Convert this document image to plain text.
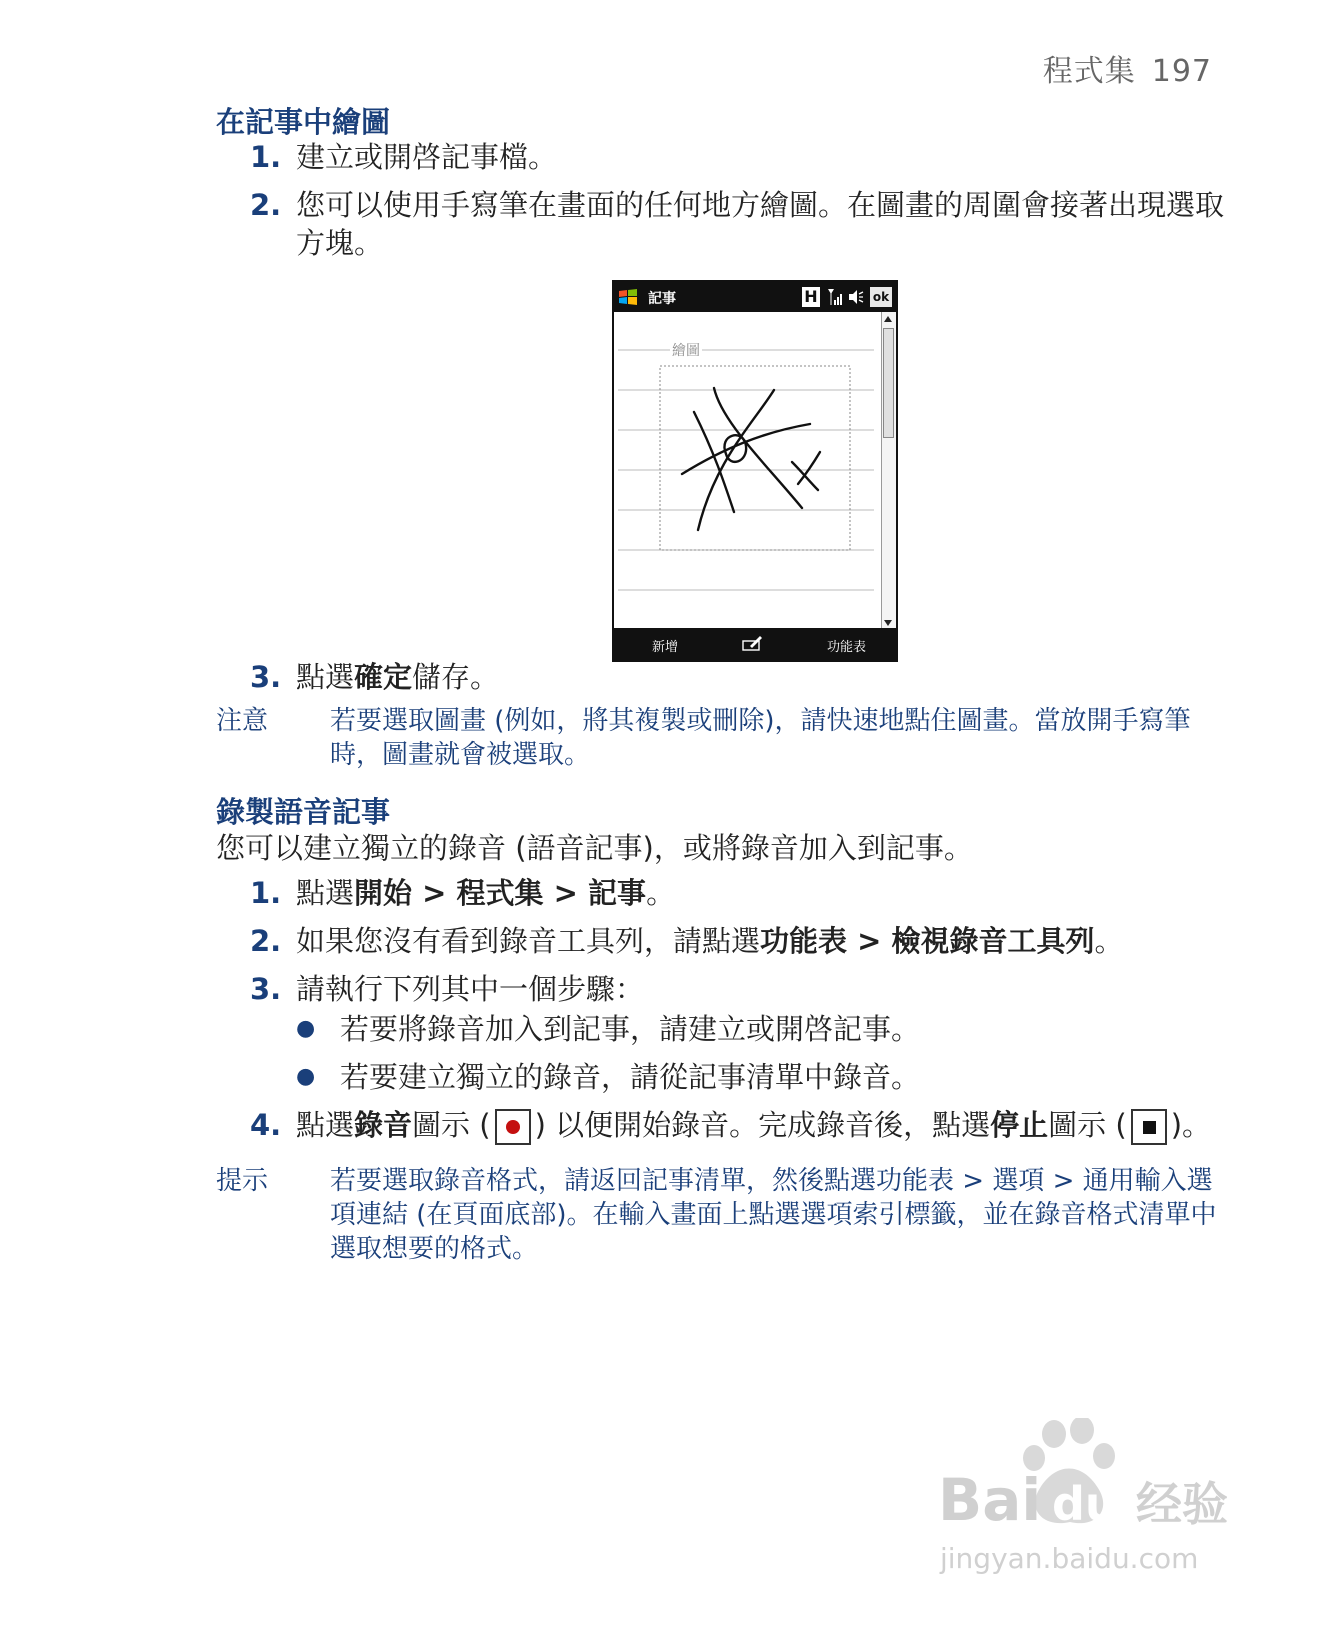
程式集 197
在記事中繪圖
1. 建立或開啓記事檔。
2. 您可以使用手寫筆在畫面的任何地方繪圖。在圖畫的周圍會接著出現選取方塊。
記事	H	ok
繪圖
新增	功能表
3. 點選確定儲存。
注意 若要選取圖畫 (例如，將其複製或刪除)，請快速地點住圖畫。當放開手寫筆時，圖畫就會被選取。
錄製語音記事
您可以建立獨立的錄音 (語音記事)，或將錄音加入到記事。
1. 點選開始 > 程式集 > 記事。
2. 如果您沒有看到錄音工具列，請點選功能表 > 檢視錄音工具列。
3. 請執行下列其中一個步驟：
● 若要將錄音加入到記事，請建立或開啓記事。
● 若要建立獨立的錄音，請從記事清單中錄音。
4. 點選錄音圖示 ( ) 以便開始錄音。完成錄音後，點選停止圖示 ( )。
提示 若要選取錄音格式，請返回記事清單，然後點選功能表 > 選項 > 通用輸入選項連結 (在頁面底部)。在輸入畫面上點選選項索引標籤，並在錄音格式清單中選取想要的格式。
Bai du 经验
jingyan.baidu.com
